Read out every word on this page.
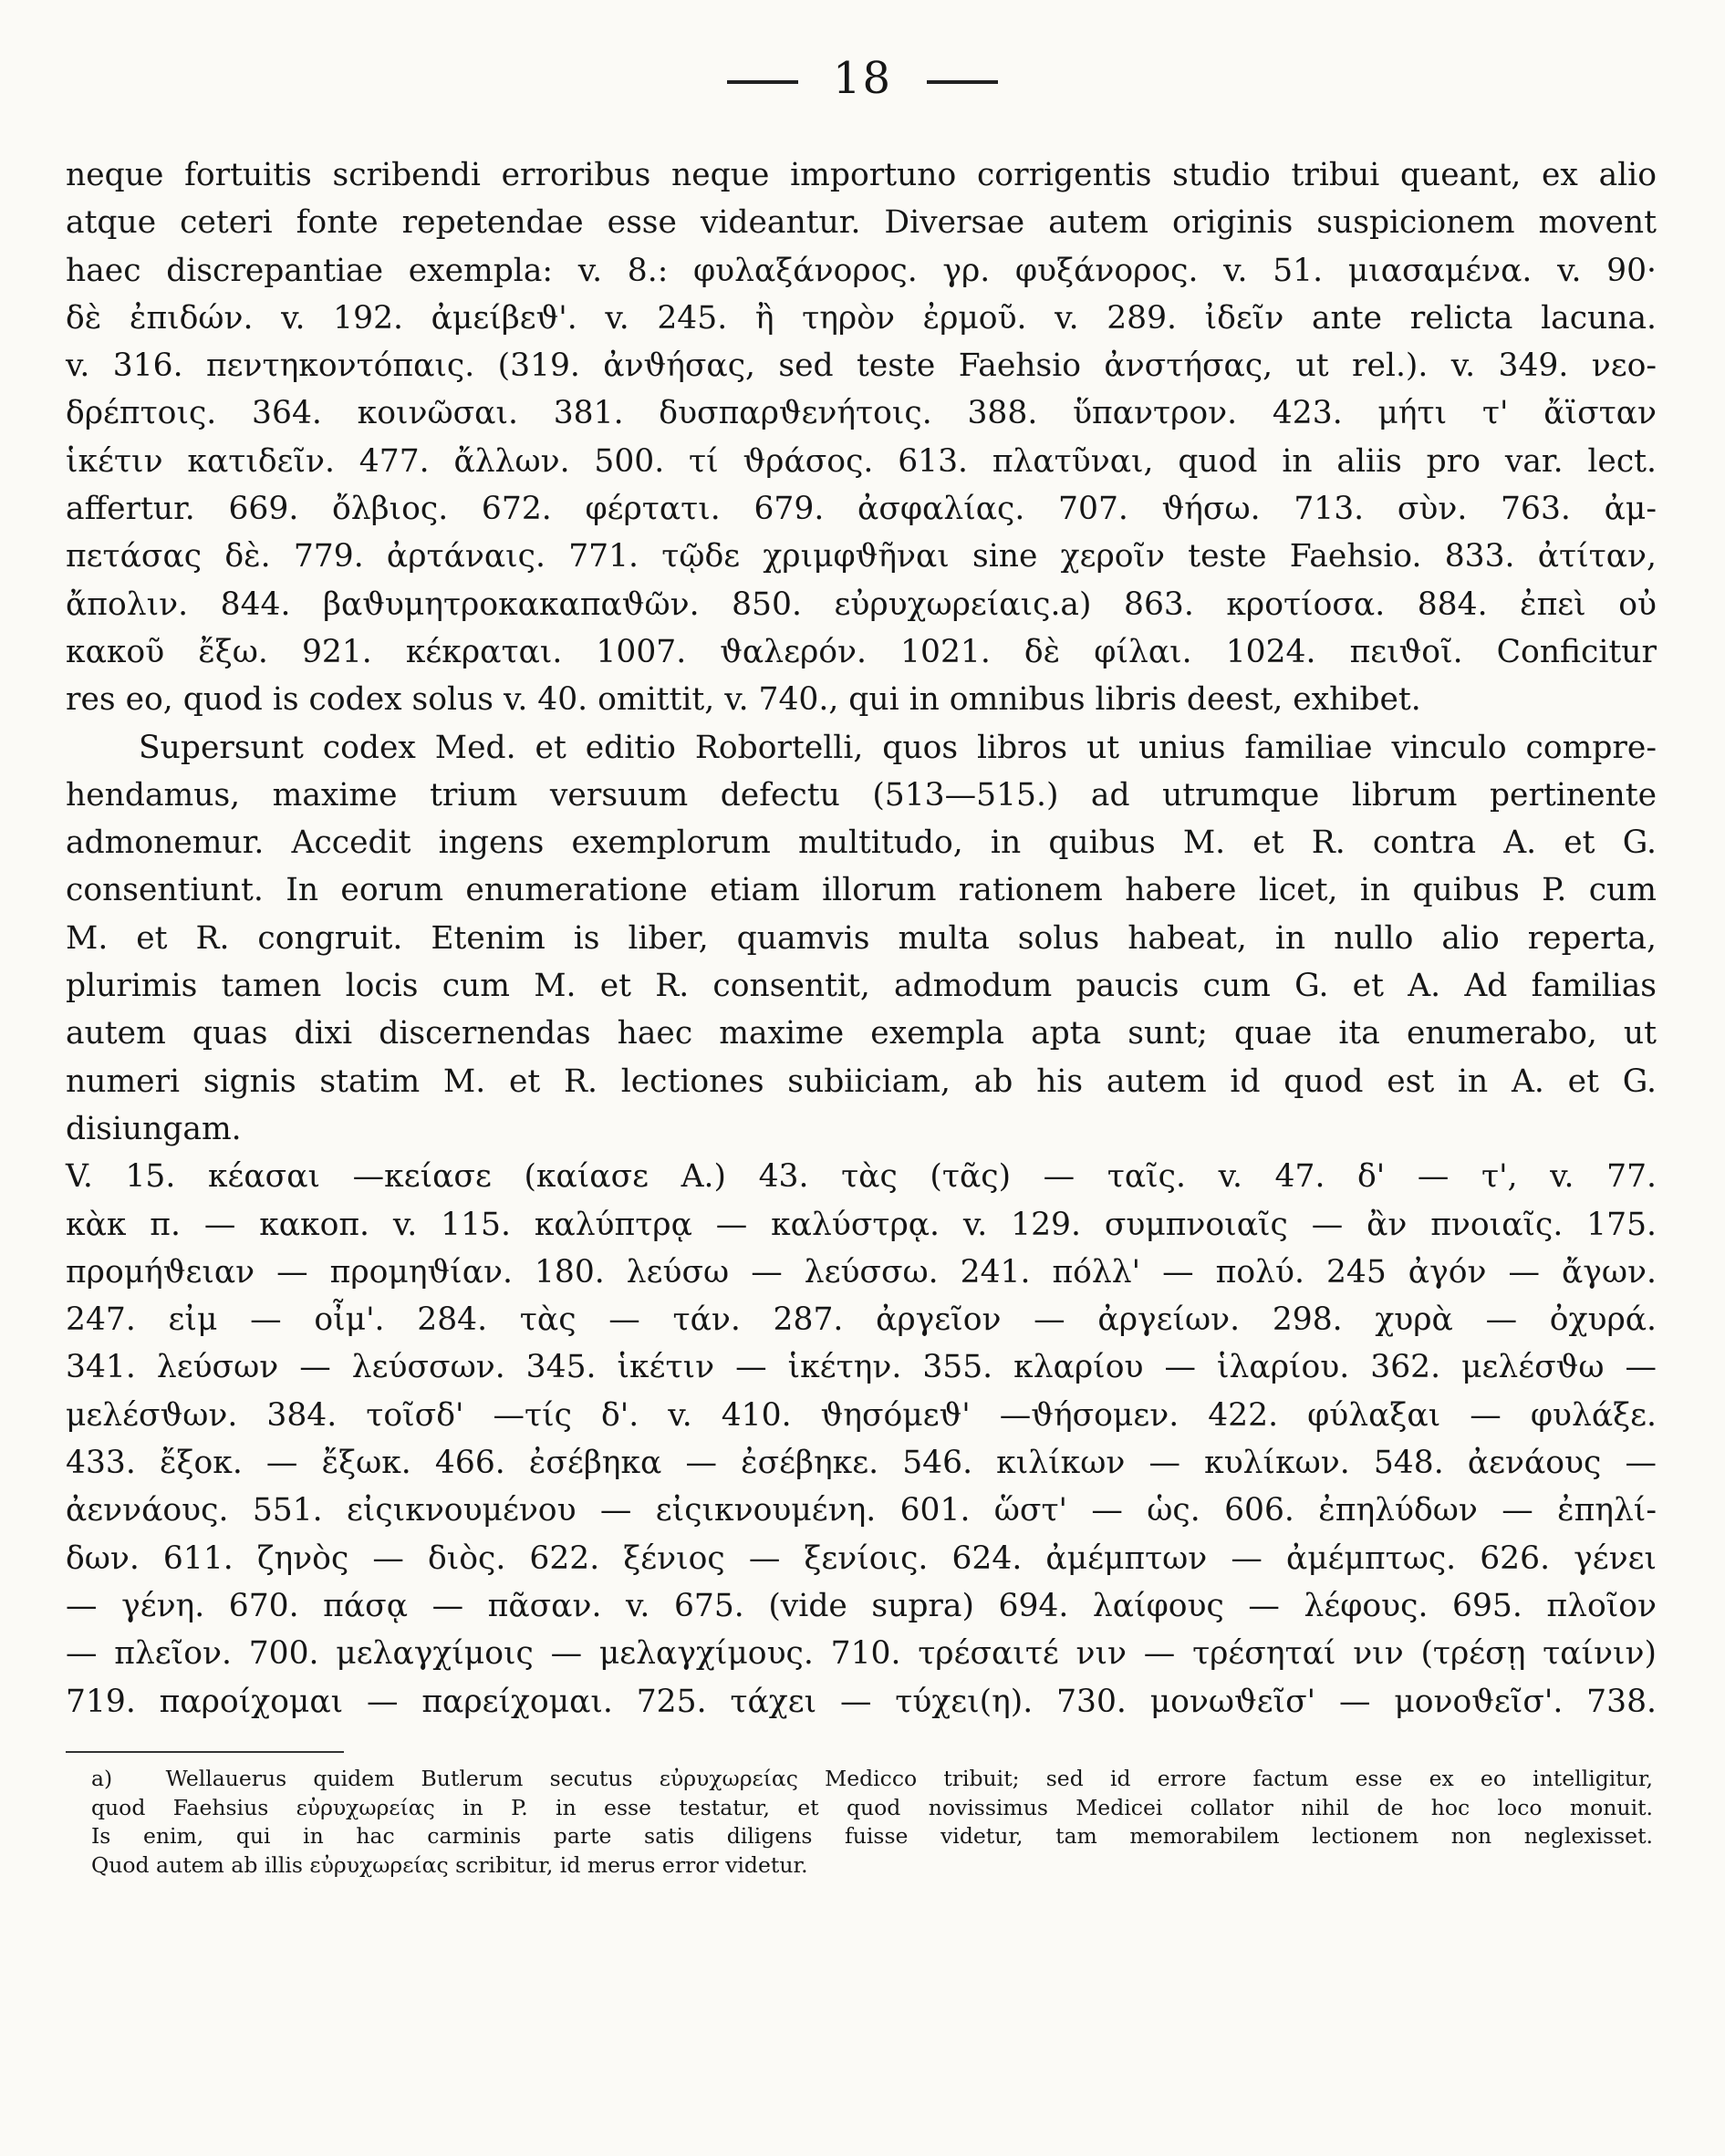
18
neque fortuitis scribendi erroribus neque importuno corrigentis studio tribui queant, ex alio
atque ceteri fonte repetendae esse videantur. Diversae autem originis suspicionem movent
haec discrepantiae exempla: v. 8.: φυλαξάνορος. γρ. φυξάνορος. v. 51. μιασαμένα. v. 90·
δὲ ἐπιδών. v. 192. ἀμείβεϑ'. v. 245. ἢ τηρὸν ἐρμοῦ. v. 289. ἰδεῖν ante relicta lacuna.
v. 316. πεντηκοντόπαις. (319. ἀνϑήσας, sed teste Faehsio ἀνστήσας, ut rel.). v. 349. νεο-
δρέπτοις. 364. κοινῶσαι. 381. δυσπαρϑενήτοις. 388. ὕπαντρον. 423. μήτι τ' ἄϊσταν
ἱκέτιν κατιδεῖν. 477. ἄλλων. 500. τί ϑράσος. 613. πλατῦναι, quod in aliis pro var. lect.
affertur. 669. ὄλβιος. 672. φέρτατι. 679. ἀσφαλίας. 707. ϑήσω. 713. σὺν. 763. ἀμ-
πετάσας δὲ. 779. ἀρτάναις. 771. τῷδε χριμφϑῆναι sine χεροῖν teste Faehsio. 833. ἀτίταν,
ἄπολιν. 844. βαϑυμητροκακαπαϑῶν. 850. εὐρυχωρείαις.a) 863. κροτίοσα. 884. ἐπεὶ οὐ
κακοῦ ἔξω. 921. κέκραται. 1007. ϑαλερόν. 1021. δὲ φίλαι. 1024. πειϑοῖ. Conficitur
res eo, quod is codex solus v. 40. omittit, v. 740., qui in omnibus libris deest, exhibet.
Supersunt codex Med. et editio Robortelli, quos libros ut unius familiae vinculo compre-
hendamus, maxime trium versuum defectu (513—515.) ad utrumque librum pertinente
admonemur. Accedit ingens exemplorum multitudo, in quibus M. et R. contra A. et G.
consentiunt. In eorum enumeratione etiam illorum rationem habere licet, in quibus P. cum
M. et R. congruit. Etenim is liber, quamvis multa solus habeat, in nullo alio reperta,
plurimis tamen locis cum M. et R. consentit, admodum paucis cum G. et A. Ad familias
autem quas dixi discernendas haec maxime exempla apta sunt; quae ita enumerabo, ut
numeri signis statim M. et R. lectiones subiiciam, ab his autem id quod est in A. et G.
disiungam.
V. 15. κέασαι —κείασε (καίασε A.) 43. τὰς (τᾶς) — ταῖς. v. 47. δ' — τ', v. 77.
κὰκ π. — κακοπ. v. 115. καλύπτρᾳ — καλύστρᾳ. v. 129. συμπνοιαῖς — ἂν πνοιαῖς. 175.
προμήϑειαν — προμηϑίαν. 180. λεύσω — λεύσσω. 241. πόλλ' — πολύ. 245 ἀγόν — ἄγων.
247. εἰμ — οἶμ'. 284. τὰς — τάν. 287. ἀργεῖον — ἀργείων. 298. χυρὰ — ὀχυρά.
341. λεύσων — λεύσσων. 345. ἱκέτιν — ἱκέτην. 355. κλαρίου — ἱλαρίου. 362. μελέσϑω —
μελέσϑων. 384. τοῖσδ' —τίς δ'. v. 410. ϑησόμεϑ' —ϑήσομεν. 422. φύλαξαι — φυλάξε.
433. ἔξοκ. — ἔξωκ. 466. ἐσέβηκα — ἐσέβηκε. 546. κιλίκων — κυλίκων. 548. ἀενάους —
ἀεννάους. 551. εἰςικνουμένου — εἰςικνουμένη. 601. ὥστ' — ὡς. 606. ἐπηλύδων — ἐπηλί-
δων. 611. ζηνὸς — διὸς. 622. ξένιος — ξενίοις. 624. ἀμέμπτων — ἀμέμπτως. 626. γένει
— γένη. 670. πάσᾳ — πᾶσαν. v. 675. (vide supra) 694. λαίφους — λέφους. 695. πλοῖον
— πλεῖον. 700. μελαγχίμοις — μελαγχίμους. 710. τρέσαιτέ νιν — τρέσηταί νιν (τρέσῃ ταίνιν)
719. παροίχομαι — παρείχομαι. 725. τάχει — τύχει(η). 730. μονωϑεῖσ' — μονοϑεῖσ'. 738.
a) Wellauerus quidem Butlerum secutus εὐρυχωρείας Medicco tribuit; sed id errore factum esse ex eo intelligitur,
quod Faehsius εὐρυχωρείας in P. in esse testatur, et quod novissimus Medicei collator nihil de hoc loco monuit.
Is enim, qui in hac carminis parte satis diligens fuisse videtur, tam memorabilem lectionem non neglexisset.
Quod autem ab illis εὐρυχωρείας scribitur, id merus error videtur.
